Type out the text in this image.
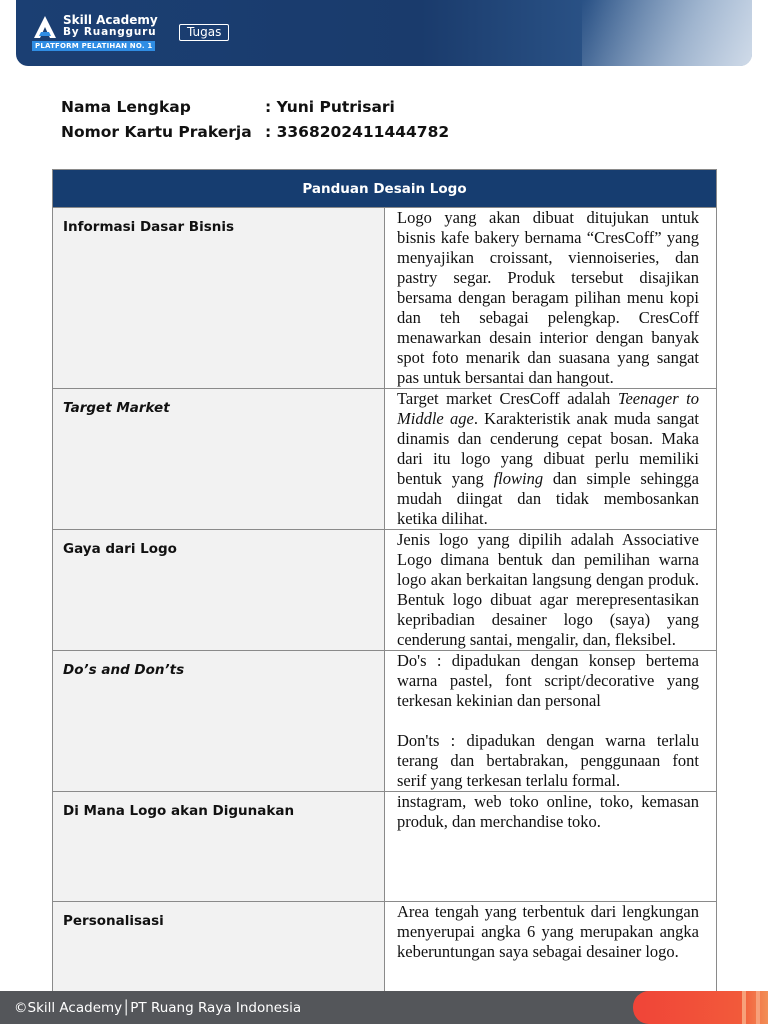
Skill Academy
By Ruangguru
PLATFORM PELATIHAN NO. 1
Tugas
Nama Lengkap	: Yuni Putrisari
Nomor Kartu Prakerja : 3368202411444782
Panduan Desain Logo	
Informasi Dasar Bisnis	Logo yang akan dibuat ditujukan untuk bisnis kafe bakery bernama “CresCoff” yang menyajikan croissant, viennoiseries, dan pastry segar. Produk tersebut disajikan bersama dengan beragam pilihan menu kopi dan teh sebagai pelengkap. CresCoff menawarkan desain interior dengan banyak spot foto menarik dan suasana yang sangat pas untuk bersantai dan hangout.
Target Market	Target market CresCoff adalah Teenager to Middle age. Karakteristik anak muda sangat dinamis dan cenderung cepat bosan. Maka dari itu logo yang dibuat perlu memiliki bentuk yang flowing dan simple sehingga mudah diingat dan tidak membosankan ketika dilihat.
Gaya dari Logo	Jenis logo yang dipilih adalah Associative Logo dimana bentuk dan pemilihan warna logo akan berkaitan langsung dengan produk. Bentuk logo dibuat agar merepresentasikan kepribadian desainer logo (saya) yang cenderung santai, mengalir, dan, fleksibel.
Do’s and Don’ts	Do's : dipadukan dengan konsep bertema warna pastel, font script/decorative yang terkesan kekinian dan personal
Don'ts : dipadukan dengan warna terlalu terang dan bertabrakan, penggunaan font serif yang terkesan terlalu formal.

Di Mana Logo akan Digunakan	instagram, web toko online, toko, kemasan produk, dan merchandise toko.
Personalisasi	Area tengah yang terbentuk dari lengkungan menyerupai angka 6 yang merupakan angka keberuntungan saya sebagai desainer logo.
©Skill Academy│PT Ruang Raya Indonesia
